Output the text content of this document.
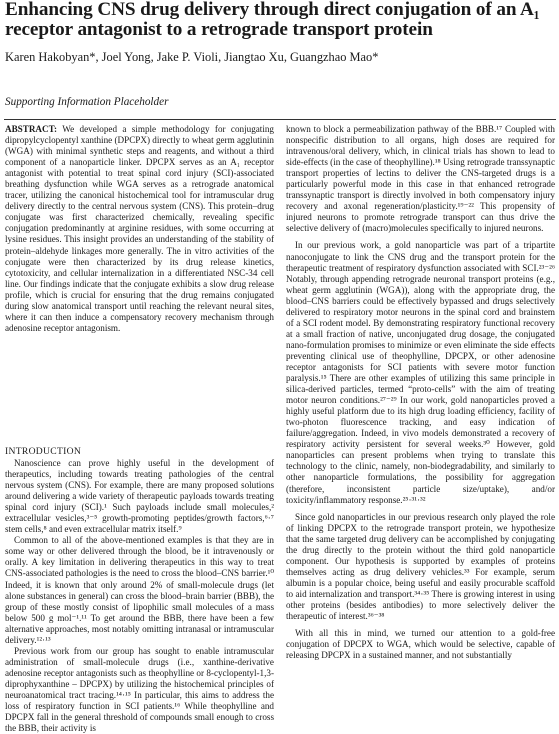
Enhancing CNS drug delivery through direct conjugation of an A₁ receptor antagonist to a retrograde transport protein
Karen Hakobyan*, Joel Yong, Jake P. Violi, Jiangtao Xu, Guangzhao Mao*
Supporting Information Placeholder

ABSTRACT: We developed a simple methodology for conjugating dipropylcyclopentyl xanthine (DPCPX) directly to wheat germ agglutinin (WGA) with minimal synthetic steps and reagents, and without a third component of a nanoparticle linker. DPCPX serves as an A₁ receptor antagonist with potential to treat spinal cord injury (SCI)-associated breathing dysfunction while WGA serves as a retrograde anatomical tracer, utilizing the canonical histochemical tool for intramuscular drug delivery directly to the central nervous system (CNS). This protein–drug conjugate was first characterized chemically, revealing specific conjugation predominantly at arginine residues, with some occurring at lysine residues. This insight provides an understanding of the stability of protein–aldehyde linkages more generally. The in vitro activities of the conjugate were then characterized by its drug release kinetics, cytotoxicity, and cellular internalization in a differentiated NSC-34 cell line. Our findings indicate that the conjugate exhibits a slow drug release profile, which is crucial for ensuring that the drug remains conjugated during slow anatomical transport until reaching the relevant neural sites, where it can then induce a compensatory recovery mechanism through adenosine receptor antagonism.

INTRODUCTION

Nanoscience can prove highly useful in the development of therapeutics, including towards treating pathologies of the central nervous system (CNS). For example, there are many proposed solutions around delivering a wide variety of therapeutic payloads towards treating spinal cord injury (SCI).¹ Such payloads include small molecules,² extracellular vesicles,³⁻⁵ growth-promoting peptides/growth factors,⁶·⁷ stem cells,⁸ and even extracellular matrix itself.⁹

Common to all of the above-mentioned examples is that they are in some way or other delivered through the blood, be it intravenously or orally. A key limitation in delivering therapeutics in this way to treat CNS-associated pathologies is the need to cross the blood–CNS barrier.¹⁰ Indeed, it is known that only around 2% of small-molecule drugs (let alone substances in general) can cross the blood–brain barrier (BBB), the group of these mostly consist of lipophilic small molecules of a mass below 500 g mol⁻¹.¹¹ To get around the BBB, there have been a few alternative approaches, most notably omitting intranasal or intramuscular delivery.¹²·¹³

Previous work from our group has sought to enable intramuscular administration of small-molecule drugs (i.e., xanthine-derivative adenosine receptor antagonists such as theophylline or 8-cyclopentyl-1,3-diprophyxanthine – DPCPX) by utilizing the histochemical principles of neuroanatomical tract tracing.¹⁴·¹⁵ In particular, this aims to address the loss of respiratory function in SCI patients.¹⁶ While theophylline and DPCPX fall in the general threshold of compounds small enough to cross the BBB, their activity is

known to block a permeabilization pathway of the BBB.¹⁷ Coupled with nonspecific distribution to all organs, high doses are required for intravenous/oral delivery, which, in clinical trials has shown to lead to side-effects (in the case of theophylline).¹⁸ Using retrograde transsynaptic transport properties of lectins to deliver the CNS-targeted drugs is a particularly powerful mode in this case in that enhanced retrograde transsynaptic transport is directly involved in both compensatory injury recovery and axonal regeneration/plasticity.¹⁹⁻²² This propensity of injured neurons to promote retrograde transport can thus drive the selective delivery of (macro)molecules specifically to injured neurons.

In our previous work, a gold nanoparticle was part of a tripartite nanoconjugate to link the CNS drug and the transport protein for the therapeutic treatment of respiratory dysfunction associated with SCI.²³⁻²⁶ Notably, through appending retrograde neuronal transport proteins (e.g., wheat germ agglutinin (WGA)), along with the appropriate drug, the blood–CNS barriers could be effectively bypassed and drugs selectively delivered to respiratory motor neurons in the spinal cord and brainstem of a SCI rodent model. By demonstrating respiratory functional recovery at a small fraction of native, unconjugated drug dosage, the conjugated nano-formulation promises to minimize or even eliminate the side effects preventing clinical use of theophylline, DPCPX, or other adenosine receptor antagonists for SCI patients with severe motor function paralysis.¹⁵ There are other examples of utilizing this same principle in silica-derived particles, termed “proto-cells” with the aim of treating motor neuron conditions.²⁷⁻²⁹ In our work, gold nanoparticles proved a highly useful platform due to its high drug loading efficiency, facility of two-photon fluorescence tracking, and easy indication of failure/aggregation. Indeed, in vivo models demonstrated a recovery of respiratory activity persistent for several weeks.³⁰ However, gold nanoparticles can present problems when trying to translate this technology to the clinic, namely, non-biodegradability, and similarly to other nanoparticle formulations, the possibility for aggregation (therefore, inconsistent particle size/uptake), and/or toxicity/inflammatory response.²⁵·³¹·³²

Since gold nanoparticles in our previous research only played the role of linking DPCPX to the retrograde transport protein, we hypothesize that the same targeted drug delivery can be accomplished by conjugating the drug directly to the protein without the third gold nanoparticle component. Our hypothesis is supported by examples of proteins themselves acting as drug delivery vehicles.³³ For example, serum albumin is a popular choice, being useful and easily procurable scaffold to aid internalization and transport.³⁴·³⁵ There is growing interest in using other proteins (besides antibodies) to more selectively deliver the therapeutic of interest.³⁶⁻³⁸

With all this in mind, we turned our attention to a gold-free conjugation of DPCPX to WGA, which would be selective, capable of releasing DPCPX in a sustained manner, and not substantially
